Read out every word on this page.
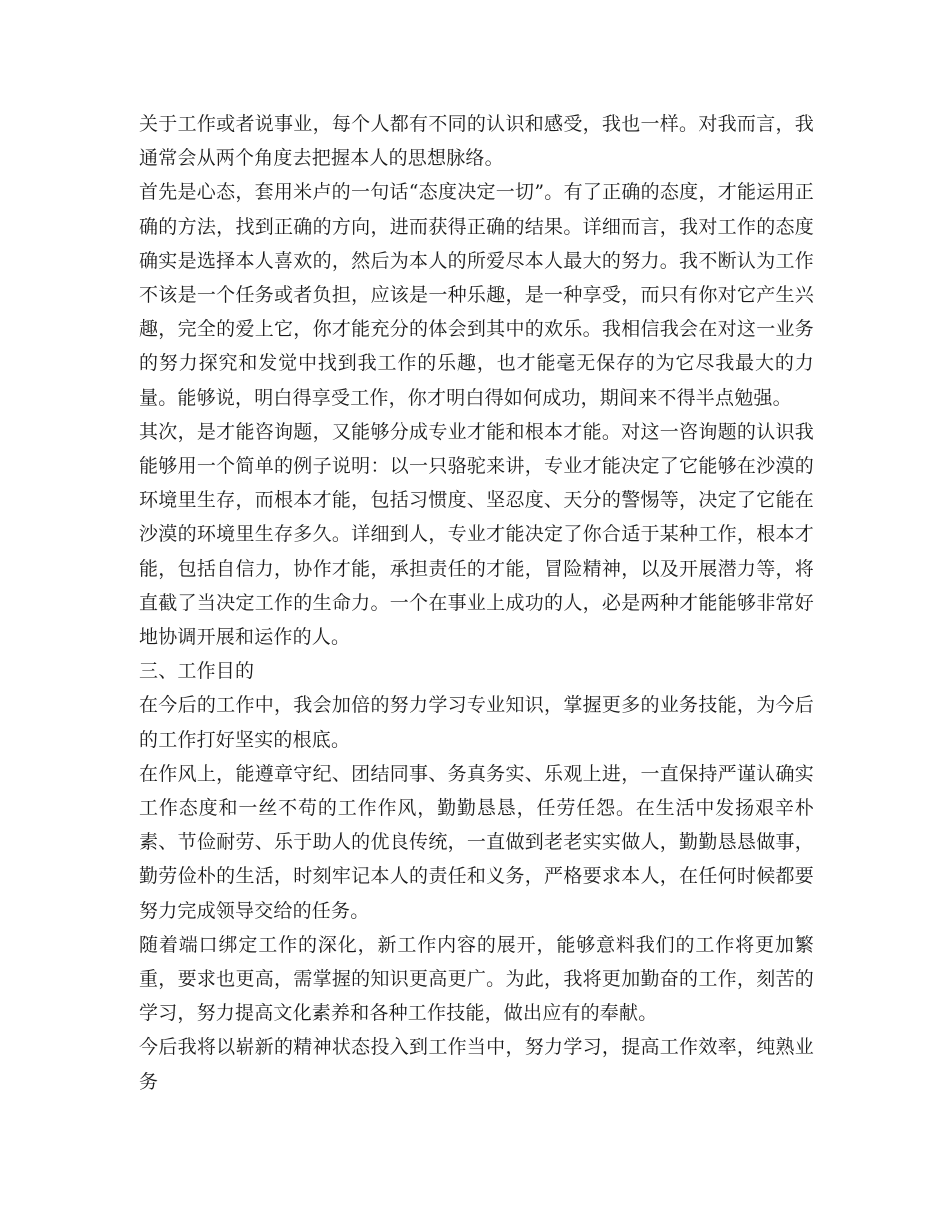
关于工作或者说事业，每个人都有不同的认识和感受，我也一样。对我而言，我通常会从两个角度去把握本人的思想脉络。

首先是心态，套用米卢的一句话“态度决定一切”。有了正确的态度，才能运用正确的方法，找到正确的方向，进而获得正确的结果。详细而言，我对工作的态度确实是选择本人喜欢的，然后为本人的所爱尽本人最大的努力。我不断认为工作不该是一个任务或者负担，应该是一种乐趣，是一种享受，而只有你对它产生兴趣，完全的爱上它，你才能充分的体会到其中的欢乐。我相信我会在对这一业务的努力探究和发觉中找到我工作的乐趣，也才能毫无保存的为它尽我最大的力量。能够说，明白得享受工作，你才明白得如何成功，期间来不得半点勉强。

其次，是才能咨询题，又能够分成专业才能和根本才能。对这一咨询题的认识我能够用一个简单的例子说明：以一只骆驼来讲，专业才能决定了它能够在沙漠的环境里生存，而根本才能，包括习惯度、坚忍度、天分的警惕等，决定了它能在沙漠的环境里生存多久。详细到人，专业才能决定了你合适于某种工作，根本才能，包括自信力，协作才能，承担责任的才能，冒险精神，以及开展潜力等，将直截了当决定工作的生命力。一个在事业上成功的人，必是两种才能能够非常好地协调开展和运作的人。

三、工作目的

在今后的工作中，我会加倍的努力学习专业知识，掌握更多的业务技能，为今后的工作打好坚实的根底。

在作风上，能遵章守纪、团结同事、务真务实、乐观上进，一直保持严谨认确实工作态度和一丝不苟的工作作风，勤勤恳恳，任劳任怨。在生活中发扬艰辛朴素、节俭耐劳、乐于助人的优良传统，一直做到老老实实做人，勤勤恳恳做事，勤劳俭朴的生活，时刻牢记本人的责任和义务，严格要求本人，在任何时候都要努力完成领导交给的任务。

随着端口绑定工作的深化，新工作内容的展开，能够意料我们的工作将更加繁重，要求也更高，需掌握的知识更高更广。为此，我将更加勤奋的工作，刻苦的学习，努力提高文化素养和各种工作技能，做出应有的奉献。

今后我将以崭新的精神状态投入到工作当中，努力学习，提高工作效率，纯熟业务
